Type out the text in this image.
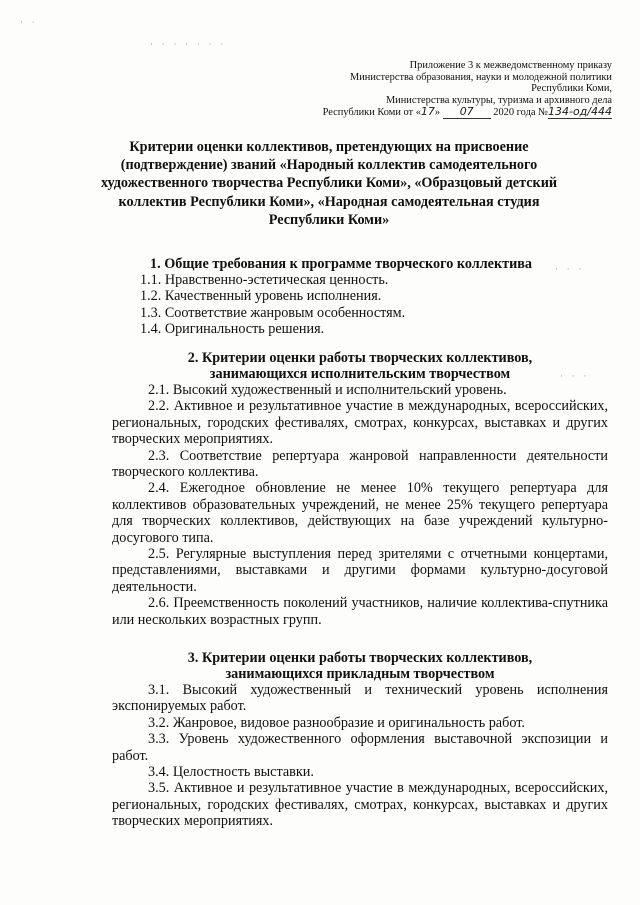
· · · · · · ·
· ·
· · ·
· · ·
Приложение 3 к межведомственному приказу
Министерства образования, науки и молодежной политики
Республики Коми,
Министерства культуры, туризма и архивного дела
Республики Коми от «17» 07 2020 года №134-од/444
Критерии оценки коллективов, претендующих на присвоение (подтверждение) званий «Народный коллектив самодеятельного художественного творчества Республики Коми», «Образцовый детский коллектив Республики Коми», «Народная самодеятельная студия Республики Коми»
1. Общие требования к программе творческого коллектива
1.1. Нравственно-эстетическая ценность.
1.2. Качественный уровень исполнения.
1.3. Соответствие жанровым особенностям.
1.4. Оригинальность решения.
2. Критерии оценки работы творческих коллективов,
занимающихся исполнительским творчеством
2.1. Высокий художественный и исполнительский уровень.
2.2. Активное и результативное участие в международных, всероссийских, региональных, городских фестивалях, смотрах, конкурсах, выставках и других творческих мероприятиях.
2.3. Соответствие репертуара жанровой направленности деятельности творческого коллектива.
2.4. Ежегодное обновление не менее 10% текущего репертуара для коллективов образовательных учреждений, не менее 25% текущего репертуара для творческих коллективов, действующих на базе учреждений культурно-досугового типа.
2.5. Регулярные выступления перед зрителями с отчетными концертами, представлениями, выставками и другими формами культурно-досуговой деятельности.
2.6. Преемственность поколений участников, наличие коллектива-спутника или нескольких возрастных групп.
3. Критерии оценки работы творческих коллективов,
занимающихся прикладным творчеством
3.1. Высокий художественный и технический уровень исполнения экспонируемых работ.
3.2. Жанровое, видовое разнообразие и оригинальность работ.
3.3. Уровень художественного оформления выставочной экспозиции и работ.
3.4. Целостность выставки.
3.5. Активное и результативное участие в международных, всероссийских, региональных, городских фестивалях, смотрах, конкурсах, выставках и других творческих мероприятиях.
